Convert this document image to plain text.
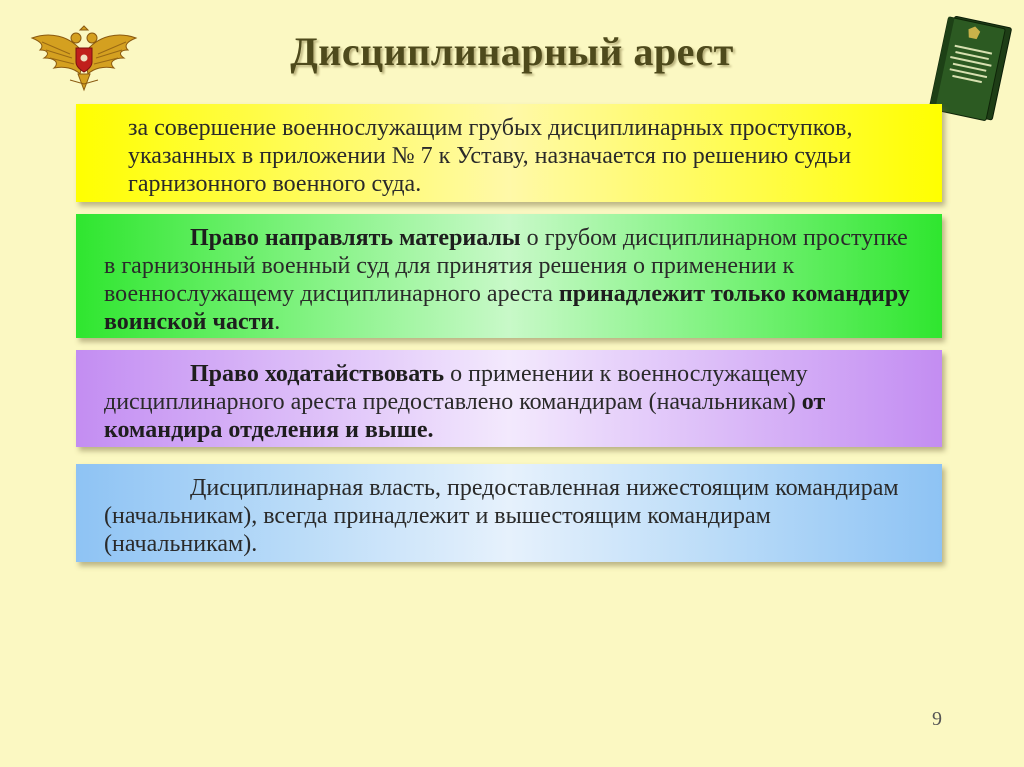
Дисциплинарный арест

за совершение военнослужащим грубых дисциплинарных проступков, указанных в приложении № 7 к Уставу, назначается по решению судьи гарнизонного военного суда.

Право направлять материалы о грубом дисциплинарном проступке в гарнизонный военный суд для принятия решения о применении к военнослужащему дисциплинарного ареста принадлежит только командиру воинской части.

Право ходатайствовать о применении к военнослужащему дисциплинарного ареста предоставлено командирам (начальникам) от командира отделения и выше.

Дисциплинарная власть, предоставленная нижестоящим командирам (начальникам), всегда принадлежит и вышестоящим командирам (начальникам).

9
